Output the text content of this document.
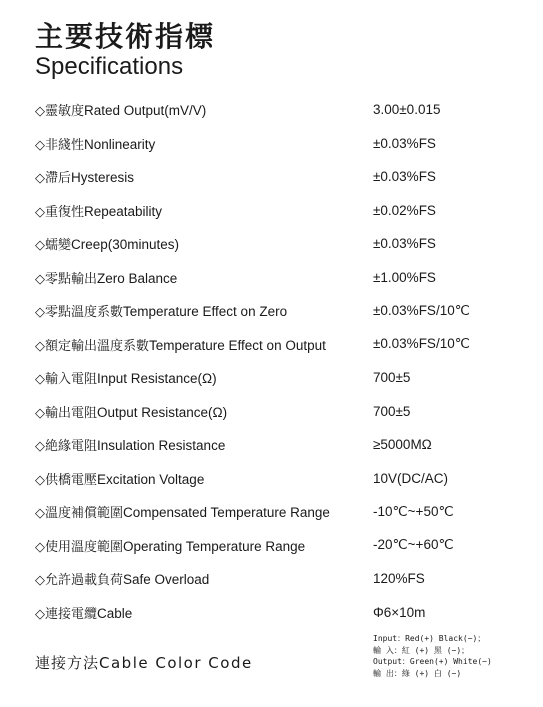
主要技術指標
Specifications
◇靈敏度Rated Output(mV/V)	3.00±0.015
◇非綫性Nonlinearity	±0.03%FS
◇滯后Hysteresis	±0.03%FS
◇重復性Repeatability	±0.02%FS
◇蠕變Creep(30minutes)	±0.03%FS
◇零點輸出Zero Balance	±1.00%FS
◇零點溫度系數Temperature Effect on Zero	±0.03%FS/10℃
◇額定輸出溫度系數Temperature Effect on Output	±0.03%FS/10℃
◇輸入電阻Input Resistance(Ω)	700±5
◇輸出電阻Output Resistance(Ω)	700±5
◇絶緣電阻Insulation Resistance	≥5000MΩ
◇供橋電壓Excitation Voltage	10V(DC/AC)
◇溫度補償範圍Compensated Temperature Range	-10℃~+50℃
◇使用溫度範圍Operating Temperature Range	-20℃~+60℃
◇允許過載負荷Safe Overload	120%FS
◇連接電纜Cable	Φ6×10m
連接方法Cable Color Code
Input：Red(+) Black(−)；
輸 入：紅 (+) 黑 (−)；
Output：Green(+) White(−)
輸 出：綠 (+) 白 (−)
